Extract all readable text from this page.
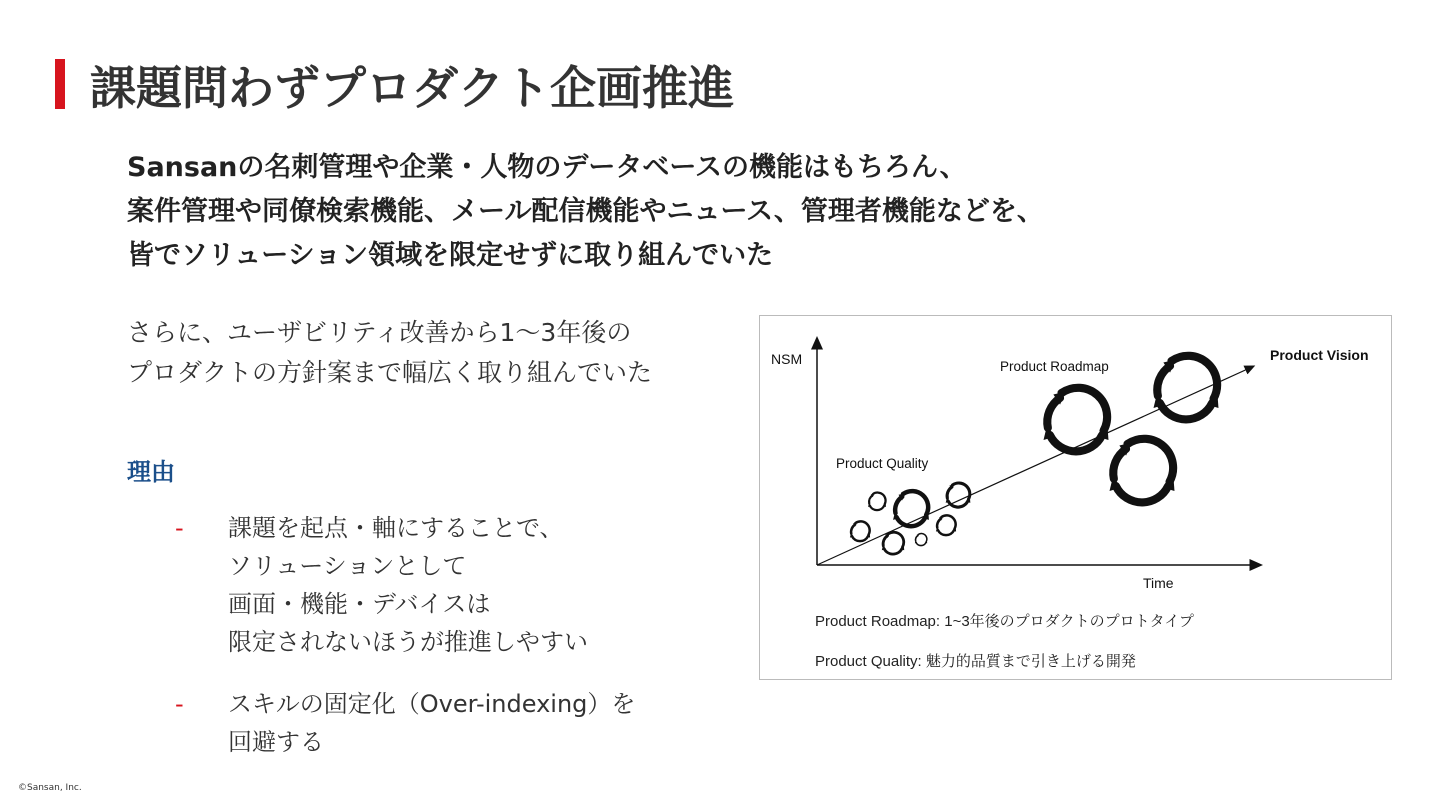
課題問わずプロダクト企画推進
Sansanの名刺管理や企業・人物のデータベースの機能はもちろん、
案件管理や同僚検索機能、メール配信機能やニュース、管理者機能などを、
皆でソリューション領域を限定せずに取り組んでいた
さらに、ユーザビリティ改善から1〜3年後の
プロダクトの方針案まで幅広く取り組んでいた
理由
- 課題を起点・軸にすることで、
ソリューションとして
画面・機能・デバイスは
限定されないほうが推進しやすい
- スキルの固定化（Over-indexing）を
回避する
NSM
Time
Product Vision
Product Roadmap
Product Quality
Product Roadmap: 1~3年後のプロダクトのプロトタイプ
Product Quality: 魅力的品質まで引き上げる開発
©Sansan, Inc.
